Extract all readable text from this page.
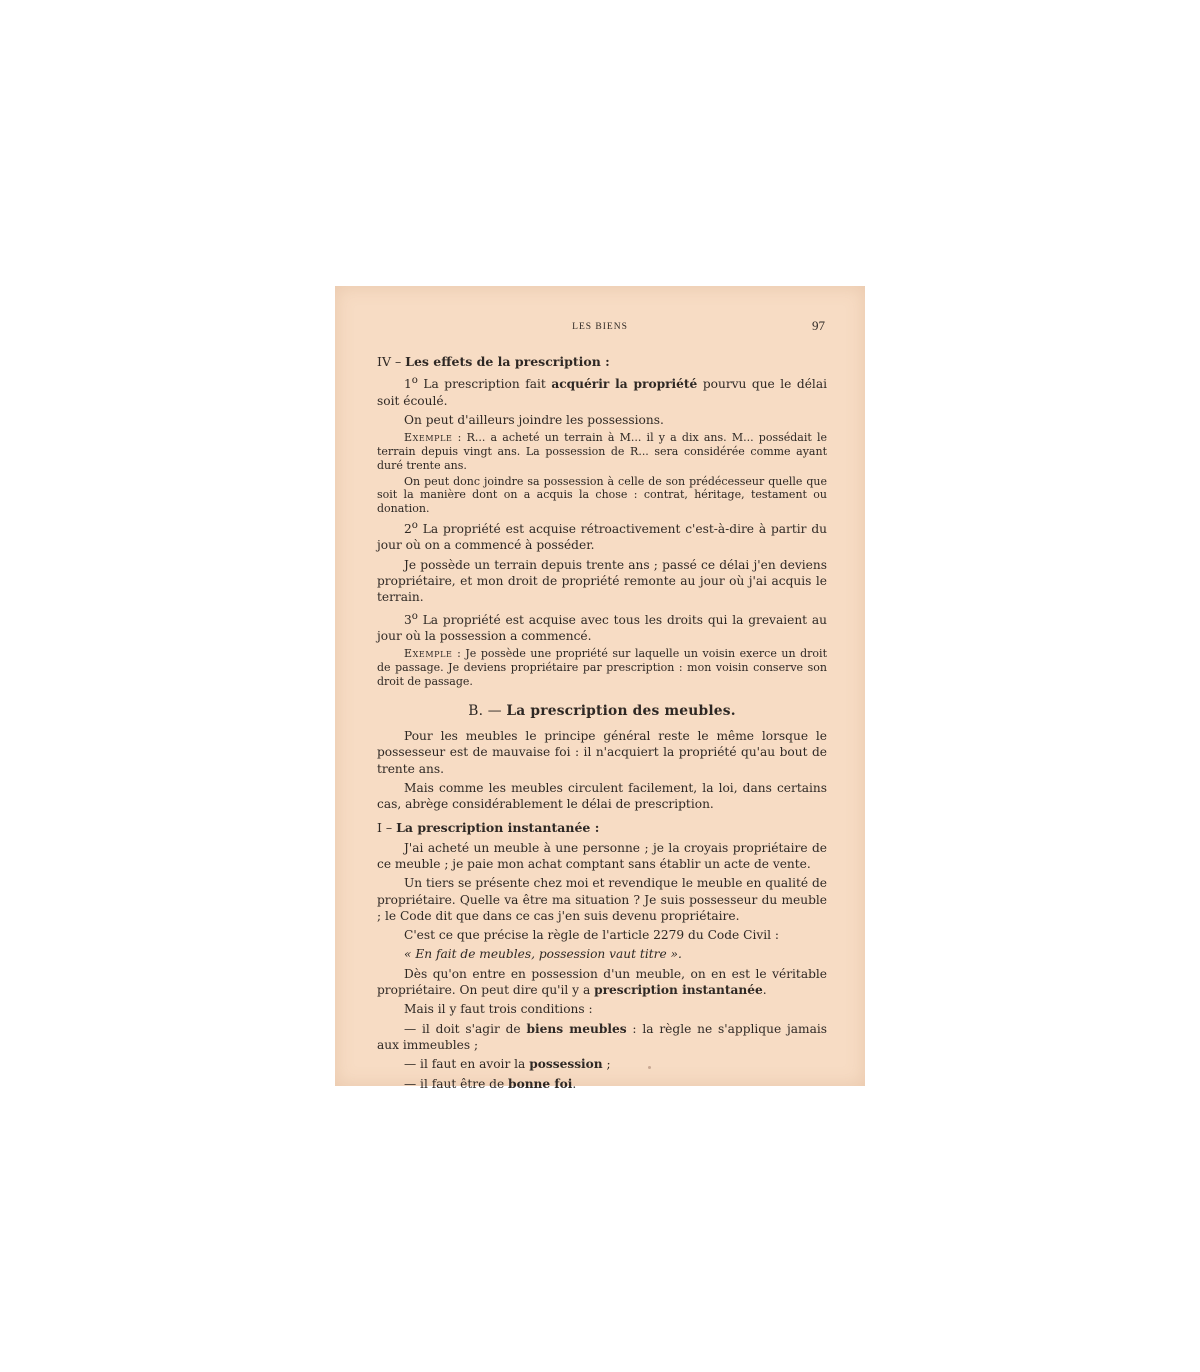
LES BIENS	97

IV – Les effets de la prescription :

1$^o$ La prescription fait acquérir la propriété pourvu que le délai soit écoulé.

On peut d'ailleurs joindre les possessions.

Exemple : R... a acheté un terrain à M... il y a dix ans. M... possédait le terrain depuis vingt ans. La possession de R... sera considérée comme ayant duré trente ans.

On peut donc joindre sa possession à celle de son prédécesseur quelle que soit la manière dont on a acquis la chose : contrat, héritage, testament ou donation.

2$^o$ La propriété est acquise rétroactivement c'est-à-dire à partir du jour où on a commencé à posséder.

Je possède un terrain depuis trente ans ; passé ce délai j'en deviens propriétaire, et mon droit de propriété remonte au jour où j'ai acquis le terrain.

3$^o$ La propriété est acquise avec tous les droits qui la grevaient au jour où la possession a commencé.

Exemple : Je possède une propriété sur laquelle un voisin exerce un droit de passage. Je deviens propriétaire par prescription : mon voisin conserve son droit de passage.

B. — La prescription des meubles.

Pour les meubles le principe général reste le même lorsque le possesseur est de mauvaise foi : il n'acquiert la propriété qu'au bout de trente ans.

Mais comme les meubles circulent facilement, la loi, dans certains cas, abrège considérablement le délai de prescription.

I – La prescription instantanée :

J'ai acheté un meuble à une personne ; je la croyais propriétaire de ce meuble ; je paie mon achat comptant sans établir un acte de vente.

Un tiers se présente chez moi et revendique le meuble en qualité de propriétaire. Quelle va être ma situation ? Je suis possesseur du meuble ; le Code dit que dans ce cas j'en suis devenu propriétaire.

C'est ce que précise la règle de l'article 2279 du Code Civil :

« En fait de meubles, possession vaut titre ».

Dès qu'on entre en possession d'un meuble, on en est le véritable propriétaire. On peut dire qu'il y a prescription instantanée.

Mais il y faut trois conditions :

— il doit s'agir de biens meubles : la règle ne s'applique jamais aux immeubles ;

— il faut en avoir la possession ;

— il faut être de bonne foi.
